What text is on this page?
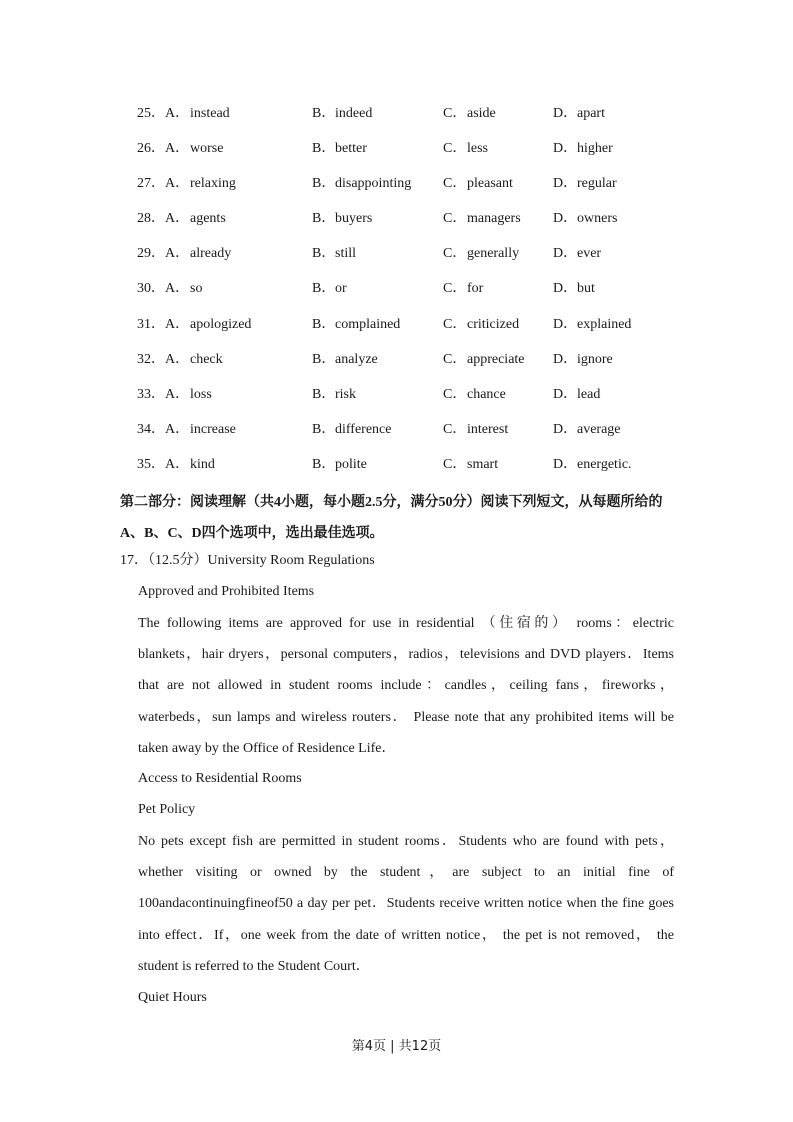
25．A． instead	B． indeed	C． aside	D． apart
26．A． worse	B． better	C． less	D． higher
27．A． relaxing	B． disappointing C． pleasant	D． regular
28．A． agents	B． buyers	C． managers D． owners
29．A． already	B． still	C． generally D． ever
30．A． so	B． or	C． for	D． but
31．A． apologized	B． complained	C． criticized D． explained
32．A． check	B． analyze	C． appreciate D． ignore
33．A． loss	B． risk	C． chance	D． lead
34．A． increase	B． difference	C． interest	D． average
35．A． kind	B． polite	C． smart	D． energetic.
第二部分：阅读理解（共4小题，每小题2.5分，满分50分）阅读下列短文，从每题所给的A、B、C、D四个选项中，选出最佳选项。
17．（12.5分）University Room Regulations
Approved and Prohibited Items
The following items are approved for use in residential （住宿的） rooms：electric blankets，hair dryers，personal computers，radios，televisions and DVD players．Items that are not allowed in student rooms include：candles，ceiling fans，fireworks，waterbeds，sun lamps and wireless routers． Please note that any prohibited items will be taken away by the Office of Residence Life．
Access to Residential Rooms
Pet Policy
No pets except fish are permitted in student rooms．Students who are found with pets，whether visiting or owned by the student，are subject to an initial fine of 100andacontinuingfineof50 a day per pet．Students receive written notice when the fine goes into effect．If，one week from the date of written notice， the pet is not removed， the student is referred to the Student Court．
Quiet Hours
第4页 | 共12页
